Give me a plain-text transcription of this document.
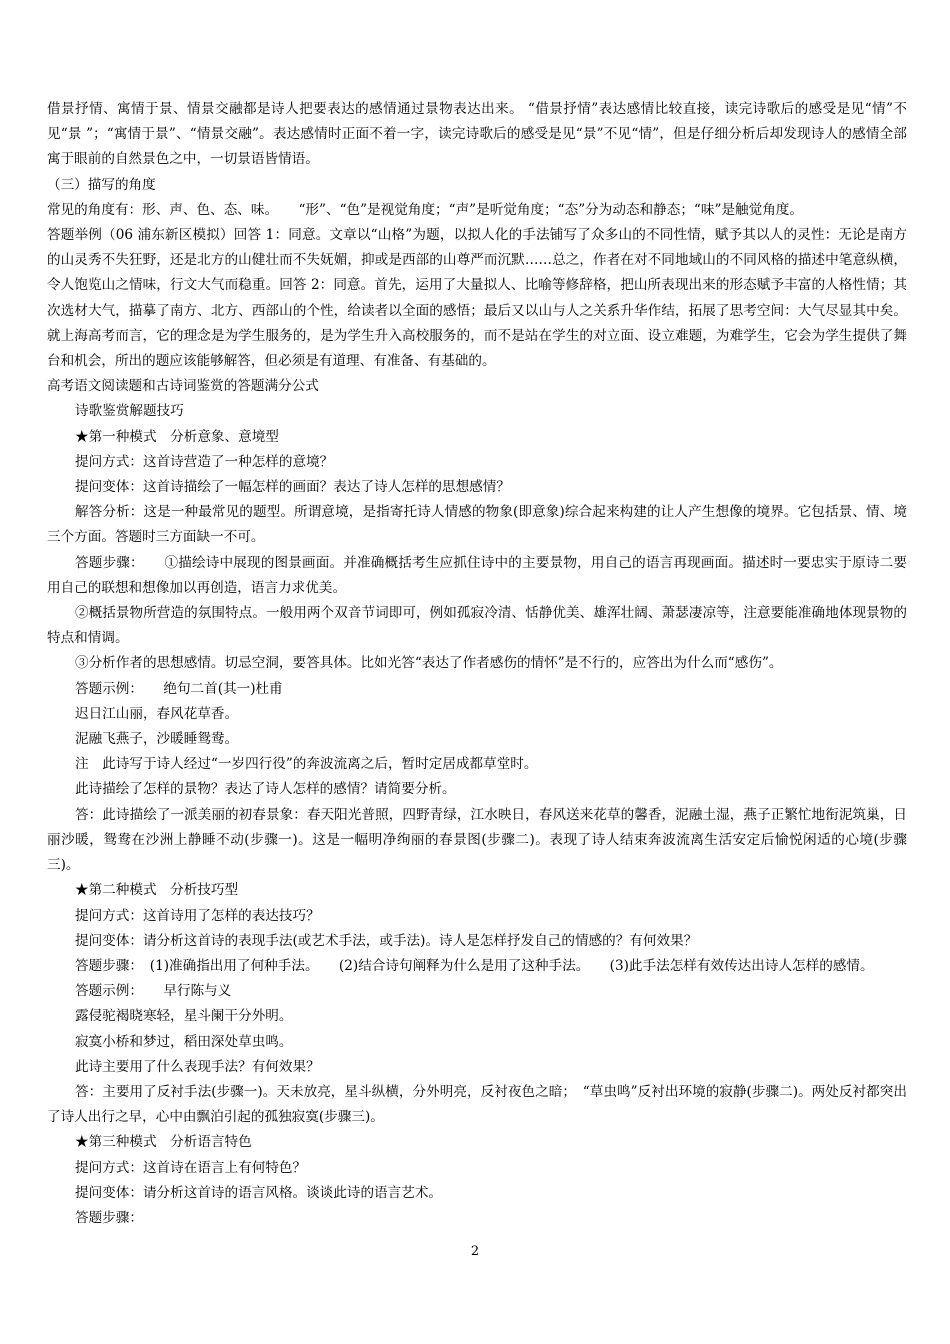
借景抒情、寓情于景、情景交融都是诗人把要表达的感情通过景物表达出来。 “借景抒情”表达感情比较直接，读完诗歌后的感受是见“情”不见“景 ”；“寓情于景”、“情景交融”。表达感情时正面不着一字，读完诗歌后的感受是见“景”不见“情”，但是仔细分析后却发现诗人的感情全部寓于眼前的自然景色之中，一切景语皆情语。

（三）描写的角度

常见的角度有：形、声、色、态、味。　　“形”、“色”是视觉角度；“声”是听觉角度；“态”分为动态和静态；“味”是触觉角度。

答题举例（06 浦东新区模拟）回答 1：同意。文章以“山格”为题，以拟人化的手法铺写了众多山的不同性情，赋予其以人的灵性：无论是南方的山灵秀不失狂野，还是北方的山健壮而不失妩媚，抑或是西部的山尊严而沉默……总之，作者在对不同地域山的不同风格的描述中笔意纵横，令人饱览山之情味，行文大气而稳重。回答 2：同意。首先，运用了大量拟人、比喻等修辞格，把山所表现出来的形态赋予丰富的人格性情；其次选材大气，描摹了南方、北方、西部山的个性，给读者以全面的感悟；最后又以山与人之关系升华作结，拓展了思考空间：大气尽显其中矣。就上海高考而言，它的理念是为学生服务的，是为学生升入高校服务的，而不是站在学生的对立面、设立难题，为难学生，它会为学生提供了舞台和机会，所出的题应该能够解答，但必须是有道理、有准备、有基础的。

高考语文阅读题和古诗词鉴赏的答题满分公式

诗歌鉴赏解题技巧

★第一种模式　分析意象、意境型

提问方式：这首诗营造了一种怎样的意境？

提问变体：这首诗描绘了一幅怎样的画面？表达了诗人怎样的思想感情？

解答分析：这是一种最常见的题型。所谓意境，是指寄托诗人情感的物象(即意象)综合起来构建的让人产生想像的境界。它包括景、情、境三个方面。答题时三方面缺一不可。

答题步骤：　　①描绘诗中展现的图景画面。并准确概括考生应抓住诗中的主要景物，用自己的语言再现画面。描述时一要忠实于原诗二要用自己的联想和想像加以再创造，语言力求优美。

②概括景物所营造的氛围特点。一般用两个双音节词即可，例如孤寂冷清、恬静优美、雄浑壮阔、萧瑟凄凉等，注意要能准确地体现景物的特点和情调。

③分析作者的思想感情。切忌空洞，要答具体。比如光答“表达了作者感伤的情怀”是不行的，应答出为什么而“感伤”。

答题示例：　　绝句二首(其一)杜甫

迟日江山丽，春风花草香。

泥融飞燕子，沙暖睡鸳鸯。

注　此诗写于诗人经过“一岁四行役”的奔波流离之后，暂时定居成都草堂时。

此诗描绘了怎样的景物？表达了诗人怎样的感情？请简要分析。

答：此诗描绘了一派美丽的初春景象：春天阳光普照，四野青绿，江水映日，春风送来花草的馨香，泥融土湿，燕子正繁忙地衔泥筑巢，日丽沙暖，鸳鸯在沙洲上静睡不动(步骤一)。这是一幅明净绚丽的春景图(步骤二)。表现了诗人结束奔波流离生活安定后愉悦闲适的心境(步骤三)。

★第二种模式　分析技巧型

提问方式：这首诗用了怎样的表达技巧？

提问变体：请分析这首诗的表现手法(或艺术手法，或手法)。诗人是怎样抒发自己的情感的？有何效果？

答题步骤：　(1)准确指出用了何种手法。　　(2)结合诗句阐释为什么是用了这种手法。　　(3)此手法怎样有效传达出诗人怎样的感情。

答题示例：　　早行陈与义

露侵驼褐晓寒轻，星斗阑干分外明。

寂寞小桥和梦过，稻田深处草虫鸣。

此诗主要用了什么表现手法？有何效果？

答：主要用了反衬手法(步骤一)。天未放亮，星斗纵横，分外明亮，反衬夜色之暗；　“草虫鸣”反衬出环境的寂静(步骤二)。两处反衬都突出了诗人出行之早，心中由飘泊引起的孤独寂寞(步骤三)。

★第三种模式　分析语言特色

提问方式：这首诗在语言上有何特色？

提问变体：请分析这首诗的语言风格。谈谈此诗的语言艺术。

答题步骤：

2
